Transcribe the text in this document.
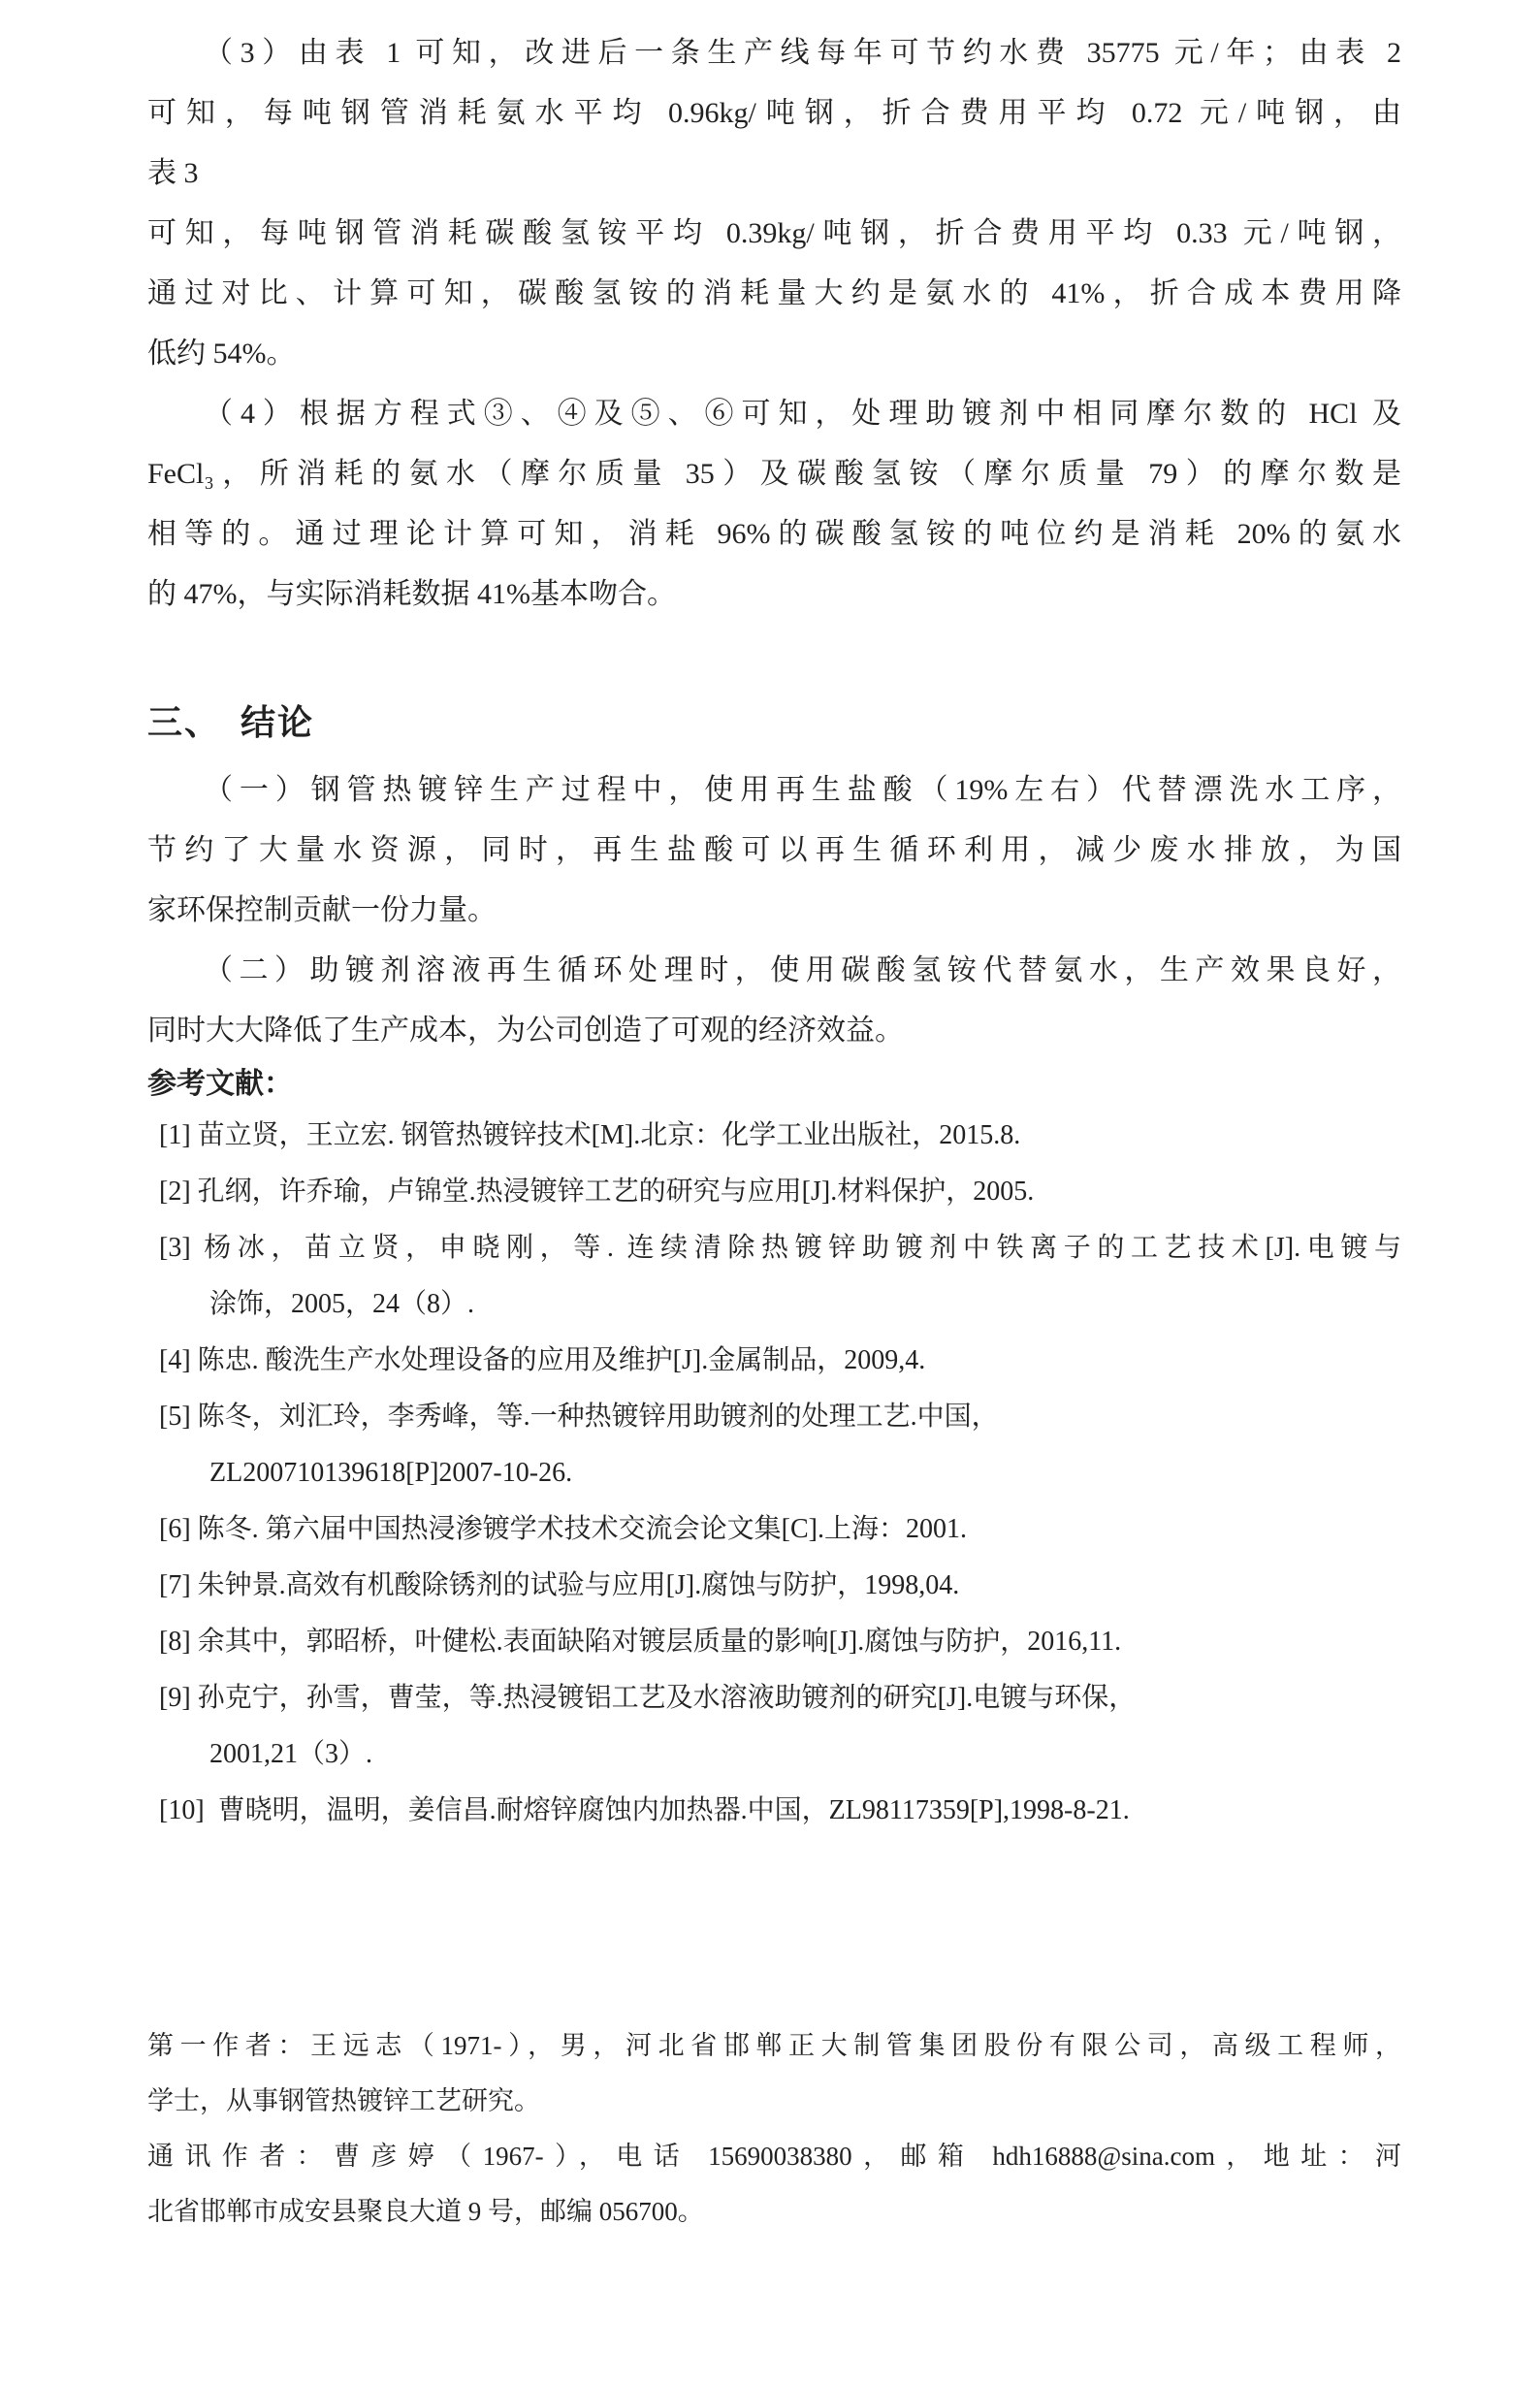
（3）由表 1 可知，改进后一条生产线每年可节约水费 35775 元/年；由表 2
可知，每吨钢管消耗氨水平均 0.96kg/吨钢，折合费用平均 0.72 元/吨钢，由
表 3
可知，每吨钢管消耗碳酸氢铵平均 0.39kg/吨钢，折合费用平均 0.33 元/吨钢，
通过对比、计算可知，碳酸氢铵的消耗量大约是氨水的 41%，折合成本费用降
低约 54%。
（4）根据方程式③、④及⑤、⑥可知，处理助镀剂中相同摩尔数的 HCl 及
FeCl₃，所消耗的氨水（摩尔质量 35）及碳酸氢铵（摩尔质量 79）的摩尔数是
相等的。通过理论计算可知，消耗 96%的碳酸氢铵的吨位约是消耗 20%的氨水
的 47%，与实际消耗数据 41%基本吻合。
三、　结论
（一）钢管热镀锌生产过程中，使用再生盐酸（19%左右）代替漂洗水工序，
节约了大量水资源，同时，再生盐酸可以再生循环利用，减少废水排放，为国
家环保控制贡献一份力量。
（二）助镀剂溶液再生循环处理时，使用碳酸氢铵代替氨水，生产效果良好，
同时大大降低了生产成本，为公司创造了可观的经济效益。
参考文献：
[1] 苗立贤，王立宏. 钢管热镀锌技术[M].北京：化学工业出版社，2015.8.
[2] 孔纲，许乔瑜，卢锦堂.热浸镀锌工艺的研究与应用[J].材料保护，2005.
[3] 杨冰，苗立贤，申晓刚，等. 连续清除热镀锌助镀剂中铁离子的工艺技术[J].电镀与
涂饰，2005，24（8）.
[4] 陈忠. 酸洗生产水处理设备的应用及维护[J].金属制品，2009,4.
[5] 陈冬，刘汇玲，李秀峰，等.一种热镀锌用助镀剂的处理工艺.中国，
ZL200710139618[P]2007-10-26.
[6] 陈冬. 第六届中国热浸渗镀学术技术交流会论文集[C].上海：2001.
[7] 朱钟景.高效有机酸除锈剂的试验与应用[J].腐蚀与防护，1998,04.
[8] 余其中，郭昭桥，叶健松.表面缺陷对镀层质量的影响[J].腐蚀与防护，2016,11.
[9] 孙克宁，孙雪，曹莹，等.热浸镀铝工艺及水溶液助镀剂的研究[J].电镀与环保，
2001,21（3）.
[10]  曹晓明，温明，姜信昌.耐熔锌腐蚀内加热器.中国，ZL98117359[P],1998-8-21.
第一作者：王远志（1971-），男，河北省邯郸正大制管集团股份有限公司，高级工程师，
学士，从事钢管热镀锌工艺研究。
通讯作者：曹彦婷（1967-），电话 15690038380，邮箱 hdh16888@sina.com，地址：河
北省邯郸市成安县聚良大道 9 号，邮编 056700。
